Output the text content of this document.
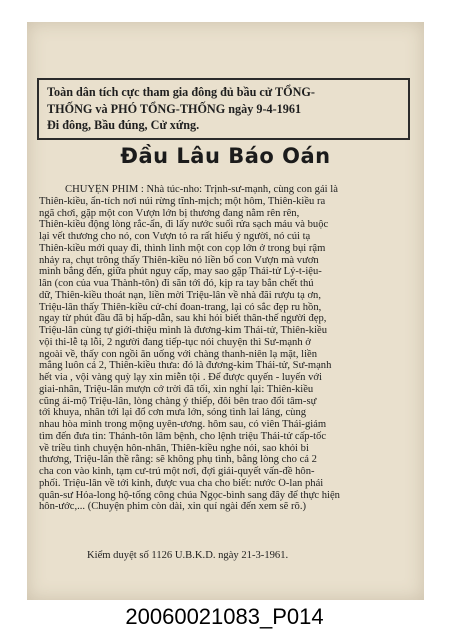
Toàn dân tích cực tham gia đông đủ bầu cử TỔNG-

THỐNG và PHÓ TỔNG-THỐNG ngày 9-4-1961

Đi đông, Bầu đúng, Cử xứng.

Đầu Lâu Báo Oán
CHUYỆN PHIM : Nhà túc-nho: Trịnh-sư-mạnh, cùng con gái là
Thiên-kiều, ẩn-tích nơi núi rừng tĩnh-mịch; một hôm, Thiên-kiều ra
ngã chơi, gặp một con Vượn lớn bị thương đang nằm rên rên,
Thiên-kiều động lòng rắc-ẩn, đi lấy nước suối rửa sạch máu và buộc
lại vết thương cho nó, con Vượn tỏ ra rất hiểu ý người, nó cúi tạ
Thiên-kiều mới quay đi, thình linh một con cọp lớn ở trong bụi rậm
nhảy ra, chụt trông thấy Thiên-kiều nó liền bổ con Vượn mà vươn
mình bắng đến, giữa phút nguy cấp, may sao gặp Thái-tử Lý-t-iệu-
lân (con của vua Thành-tôn) đi săn tới đó, kịp ra tay bắn chết thú
dữ, Thiên-kiều thoát nạn, liền mời Triệu-lân về nhà đãi rượu tạ ơn,
Triệu-lân thấy Thiên-kiều cử-chỉ đoan-trang, lại có sắc đẹp ru hồn,
ngay từ phút đầu đã bị hấp-dẫn, sau khi hỏi biết thân-thế người đẹp,
Triệu-lân cùng tự giới-thiệu mình là đương-kim Thái-tử, Thiên-kiều
vội thi-lễ tạ lỗi, 2 người đang tiếp-tục nói chuyện thì Sư-mạnh ở
ngoài về, thấy con ngồi ăn uống với chàng thanh-niên lạ mặt, liền
mắng luôn cả 2, Thiên-kiều thưa: đó là đương-kim Thái-tử, Sư-mạnh
hết via , vội vàng quỳ lạy xin miễn tội . Để được quyến - luyến với
giai-nhân, Triệu-lân mượn cớ trời đã tối, xin nghỉ lại: Thiên-kiều
cũng ái-mộ Triệu-lân, lòng chàng ý thiếp, đôi bên trao đổi tâm-sự
tới khuya, nhân tới lại đổ cơn mưa lớn, sóng tình lai láng, cùng
nhau hòa mình trong mộng uyên-ương. hôm sau, có viên Thái-giám
tìm đến đưa tin: Thánh-tôn lâm bệnh, cho lệnh triệu Thái-tử cấp-tốc
về triều tình chuyện hôn-nhân, Thiên-kiều nghe nói, sao khỏi bi
thương, Triệu-lân thề rằng: sẽ không phụ tình, bằng lòng cho cả 2
cha con vào kinh, tạm cư-trú một nơi, đợi giải-quyết vấn-đề hôn-
phối. Triệu-lân về tới kinh, được vua cha cho biết: nước Ô-lan phái
quân-sư Hỏa-long hộ-tống công chúa Ngọc-bình sang đây để thực hiện
hôn-ước,... (Chuyện phim còn dài, xin quí ngài đến xem sẽ rõ.)
Kiểm duyệt số 1126 U.B.K.D. ngày 21-3-1961.
20060021083_P014
